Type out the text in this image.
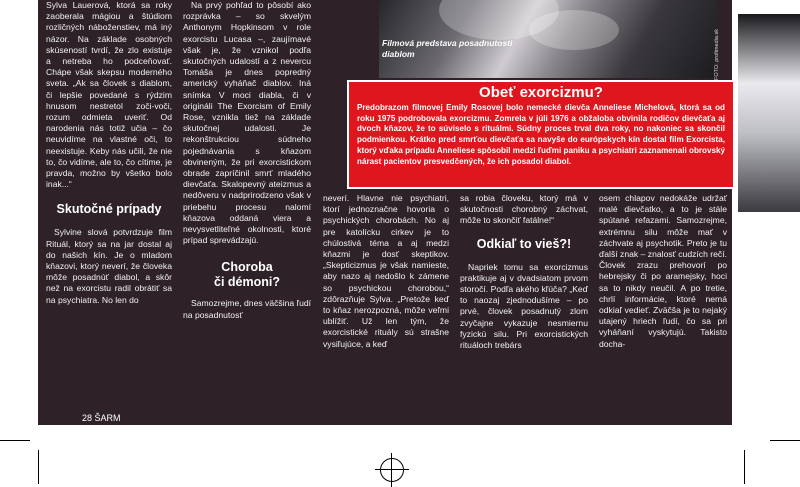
Filmová predstava posadnutosti diablom

Sylva Lauerová, ktorá sa roky zaoberala mágiou a štúdiom rozličných náboženstiev, má iný názor. Na základe osobných skúseností tvrdí, že zlo existuje a netreba ho podceňovať. Chápe však skepsu moderného sveta. „Ak sa človek s diablom, či lepšie povedané s rýdzim hnusom nestretol zoči-voči, rozum odmieta uveriť. Od narodenia nás totiž učia – čo neuvidíme na vlastné oči, to neexistuje. Keby nás učili, že nie to, čo vidíme, ale to, čo cítime, je pravda, možno by všetko bolo inak...“

Skutočné prípady

Sylvine slová potvrdzuje film Rituál, ktorý sa na jar dostal aj do našich kín. Je o mladom kňazovi, ktorý neverí, že človeka môže posadnúť diabol, a skôr než na exorcistu radil obrátiť sa na psychiatra. No len do

Na prvý pohľad to pôsobí ako rozprávka – so skvelým Anthonym Hopkinsom v role exorcistu Lucasa –, zaujímavé však je, že vznikol podľa skutočných udalostí a z nevercu Tomáša je dnes popredný americký vyháňač diablov. Iná snímka V moci diabla, či v origináli The Exorcism of Emily Rose, vznikla tiež na základe skutočnej udalosti. Je rekonštrukciou súdneho pojednávania s kňazom obvineným, že pri exorcistickom obrade zapríčinil smrť mladého dievčaťa. Skalopevný ateizmus a nedôveru v nadprirodzeno však v priebehu procesu nalomí kňazova oddaná viera a nevysvetliteľné okolnosti, ktoré prípad sprevádzajú.

Choroba

či démoni?

Samozrejme, dnes väčšina ľudí na posadnutosť

neverí. Hlavne nie psychiatri, ktorí jednoznačne hovoria o psychických chorobách. No aj pre katolícku cirkev je to chúlostivá téma a aj medzi kňazmi je dosť skeptikov. „Skepticizmus je však namieste, aby nazo aj nedošlo k zámene so psychickou chorobou,“ zdôrazňuje Sylva. „Pretože keď to kňaz nerozpozná, môže veľmi ublížiť. Už len tým, že exorcistické rituály sú strašne vysiľujúce, a keď

sa robia človeku, ktorý má v skutočnosti chorobný záchvat, môže to skončiť fatálne!“

Odkiaľ to vieš?!

Napriek tomu sa exorcizmus praktikuje aj v dvadsiatom prvom storočí. Podľa akého kľúča? „Keď to naozaj zjednodušíme – po prvé, človek posadnutý zlom zvyčajne vykazuje nesmiernu fyzickú silu. Pri exorcistických rituáloch trebárs

osem chlapov nedokáže udržať malé dievčatko, a to je stále spútané refazami. Samozrejme, extrémnu silu môže mať v záchvate aj psychotik. Preto je tu ďalší znak – znalosť cudzích rečí. Človek zrazu prehovorí po hebrejsky či po aramejsky, hoci sa to nikdy neučil. A po tretie, chrlí informácie, ktoré nemá odkiaľ vedieť. Zväčša je to nejaký utajený hriech ľudí, čo sa pri vyháňaní vyskytujú. Takisto docha-

28 ŠARM
FOTO: profimedia.sk
Obeť exorcizmu?
Predobrazom filmovej Emily Rosovej bolo nemecké dievča Anneliese Michelová, ktorá sa od roku 1975 podrobovala exorcizmu. Zomrela v júli 1976 a obžaloba obvinila rodičov dievčaťa aj dvoch kňazov, že to súviselo s rituálmi. Súdny proces trval dva roky, no nakoniec sa skončil podmienkou. Krátko pred smrťou dievčaťa sa navyše do európskych kín dostal film Exorcista, ktorý vďaka prípadu Anneliese spôsobil medzi ľuďmi paniku a psychiatri zaznamenali obrovský nárast pacientov presvedčených, že ich posadol diabol.
